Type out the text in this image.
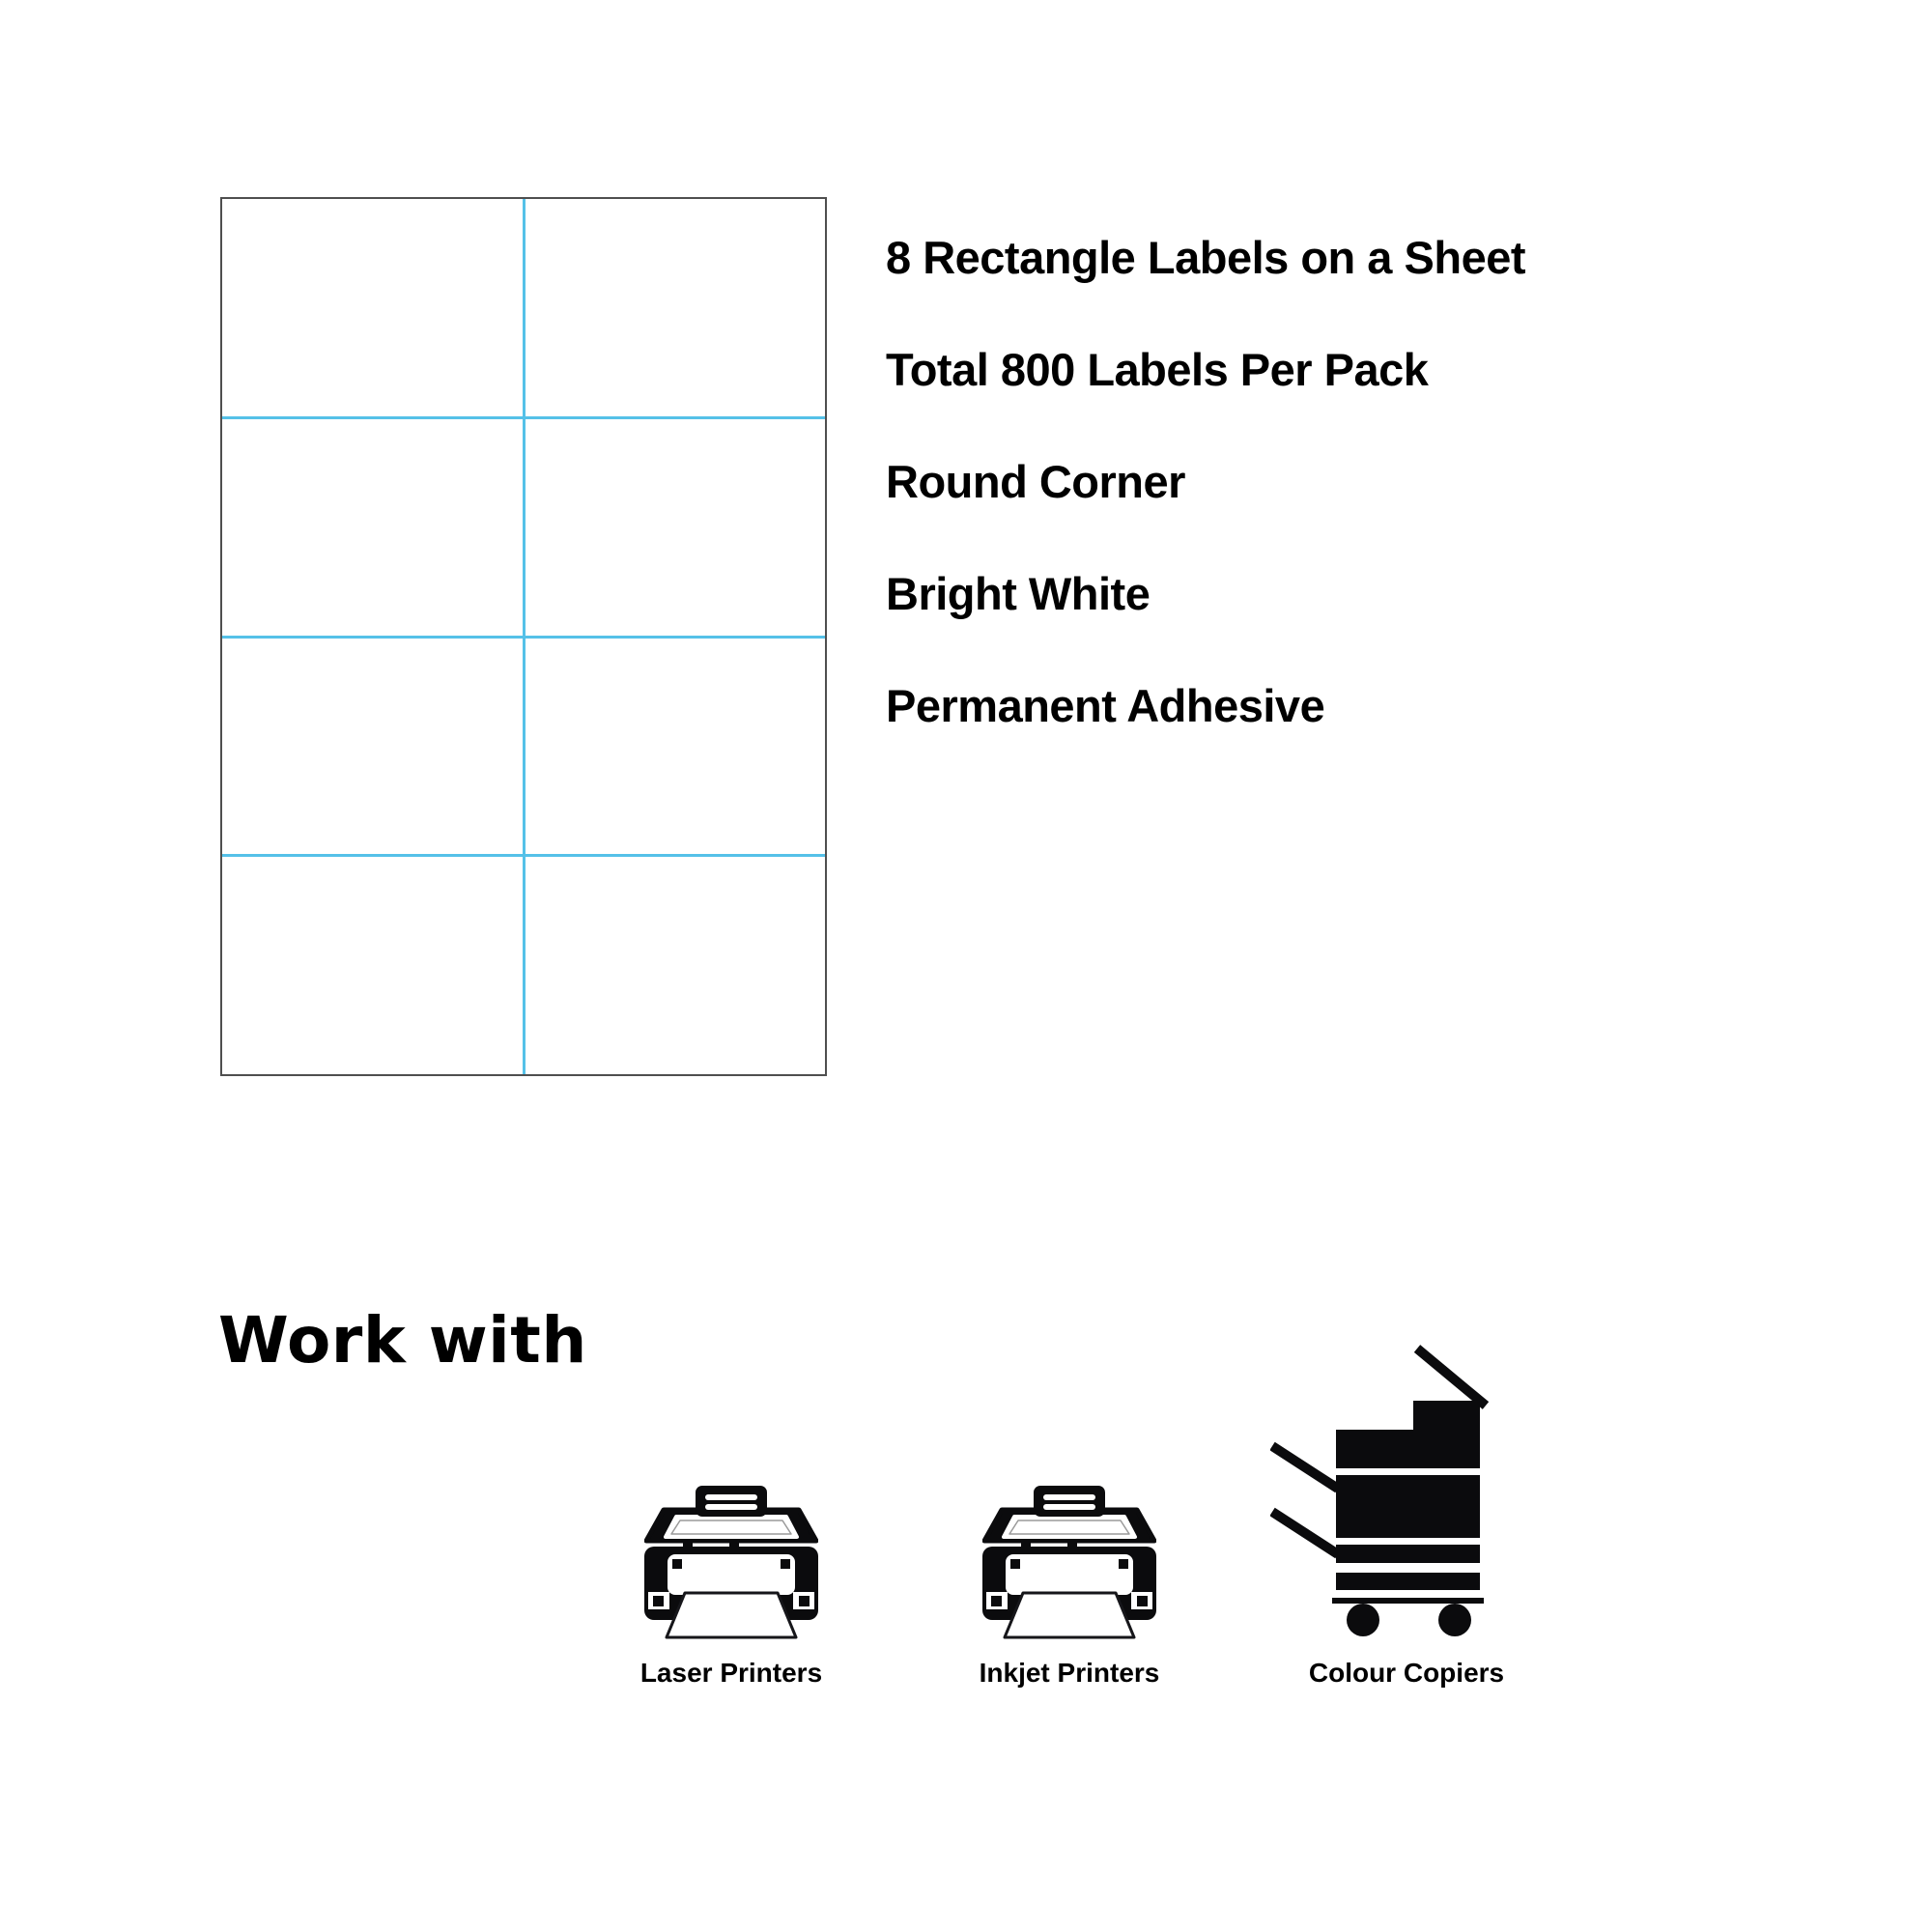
8 Rectangle Labels on a Sheet
Total 800 Labels Per Pack
Round Corner
Bright White
Permanent Adhesive
Work with
Laser Printers	Inkjet Printers	Colour Copiers
